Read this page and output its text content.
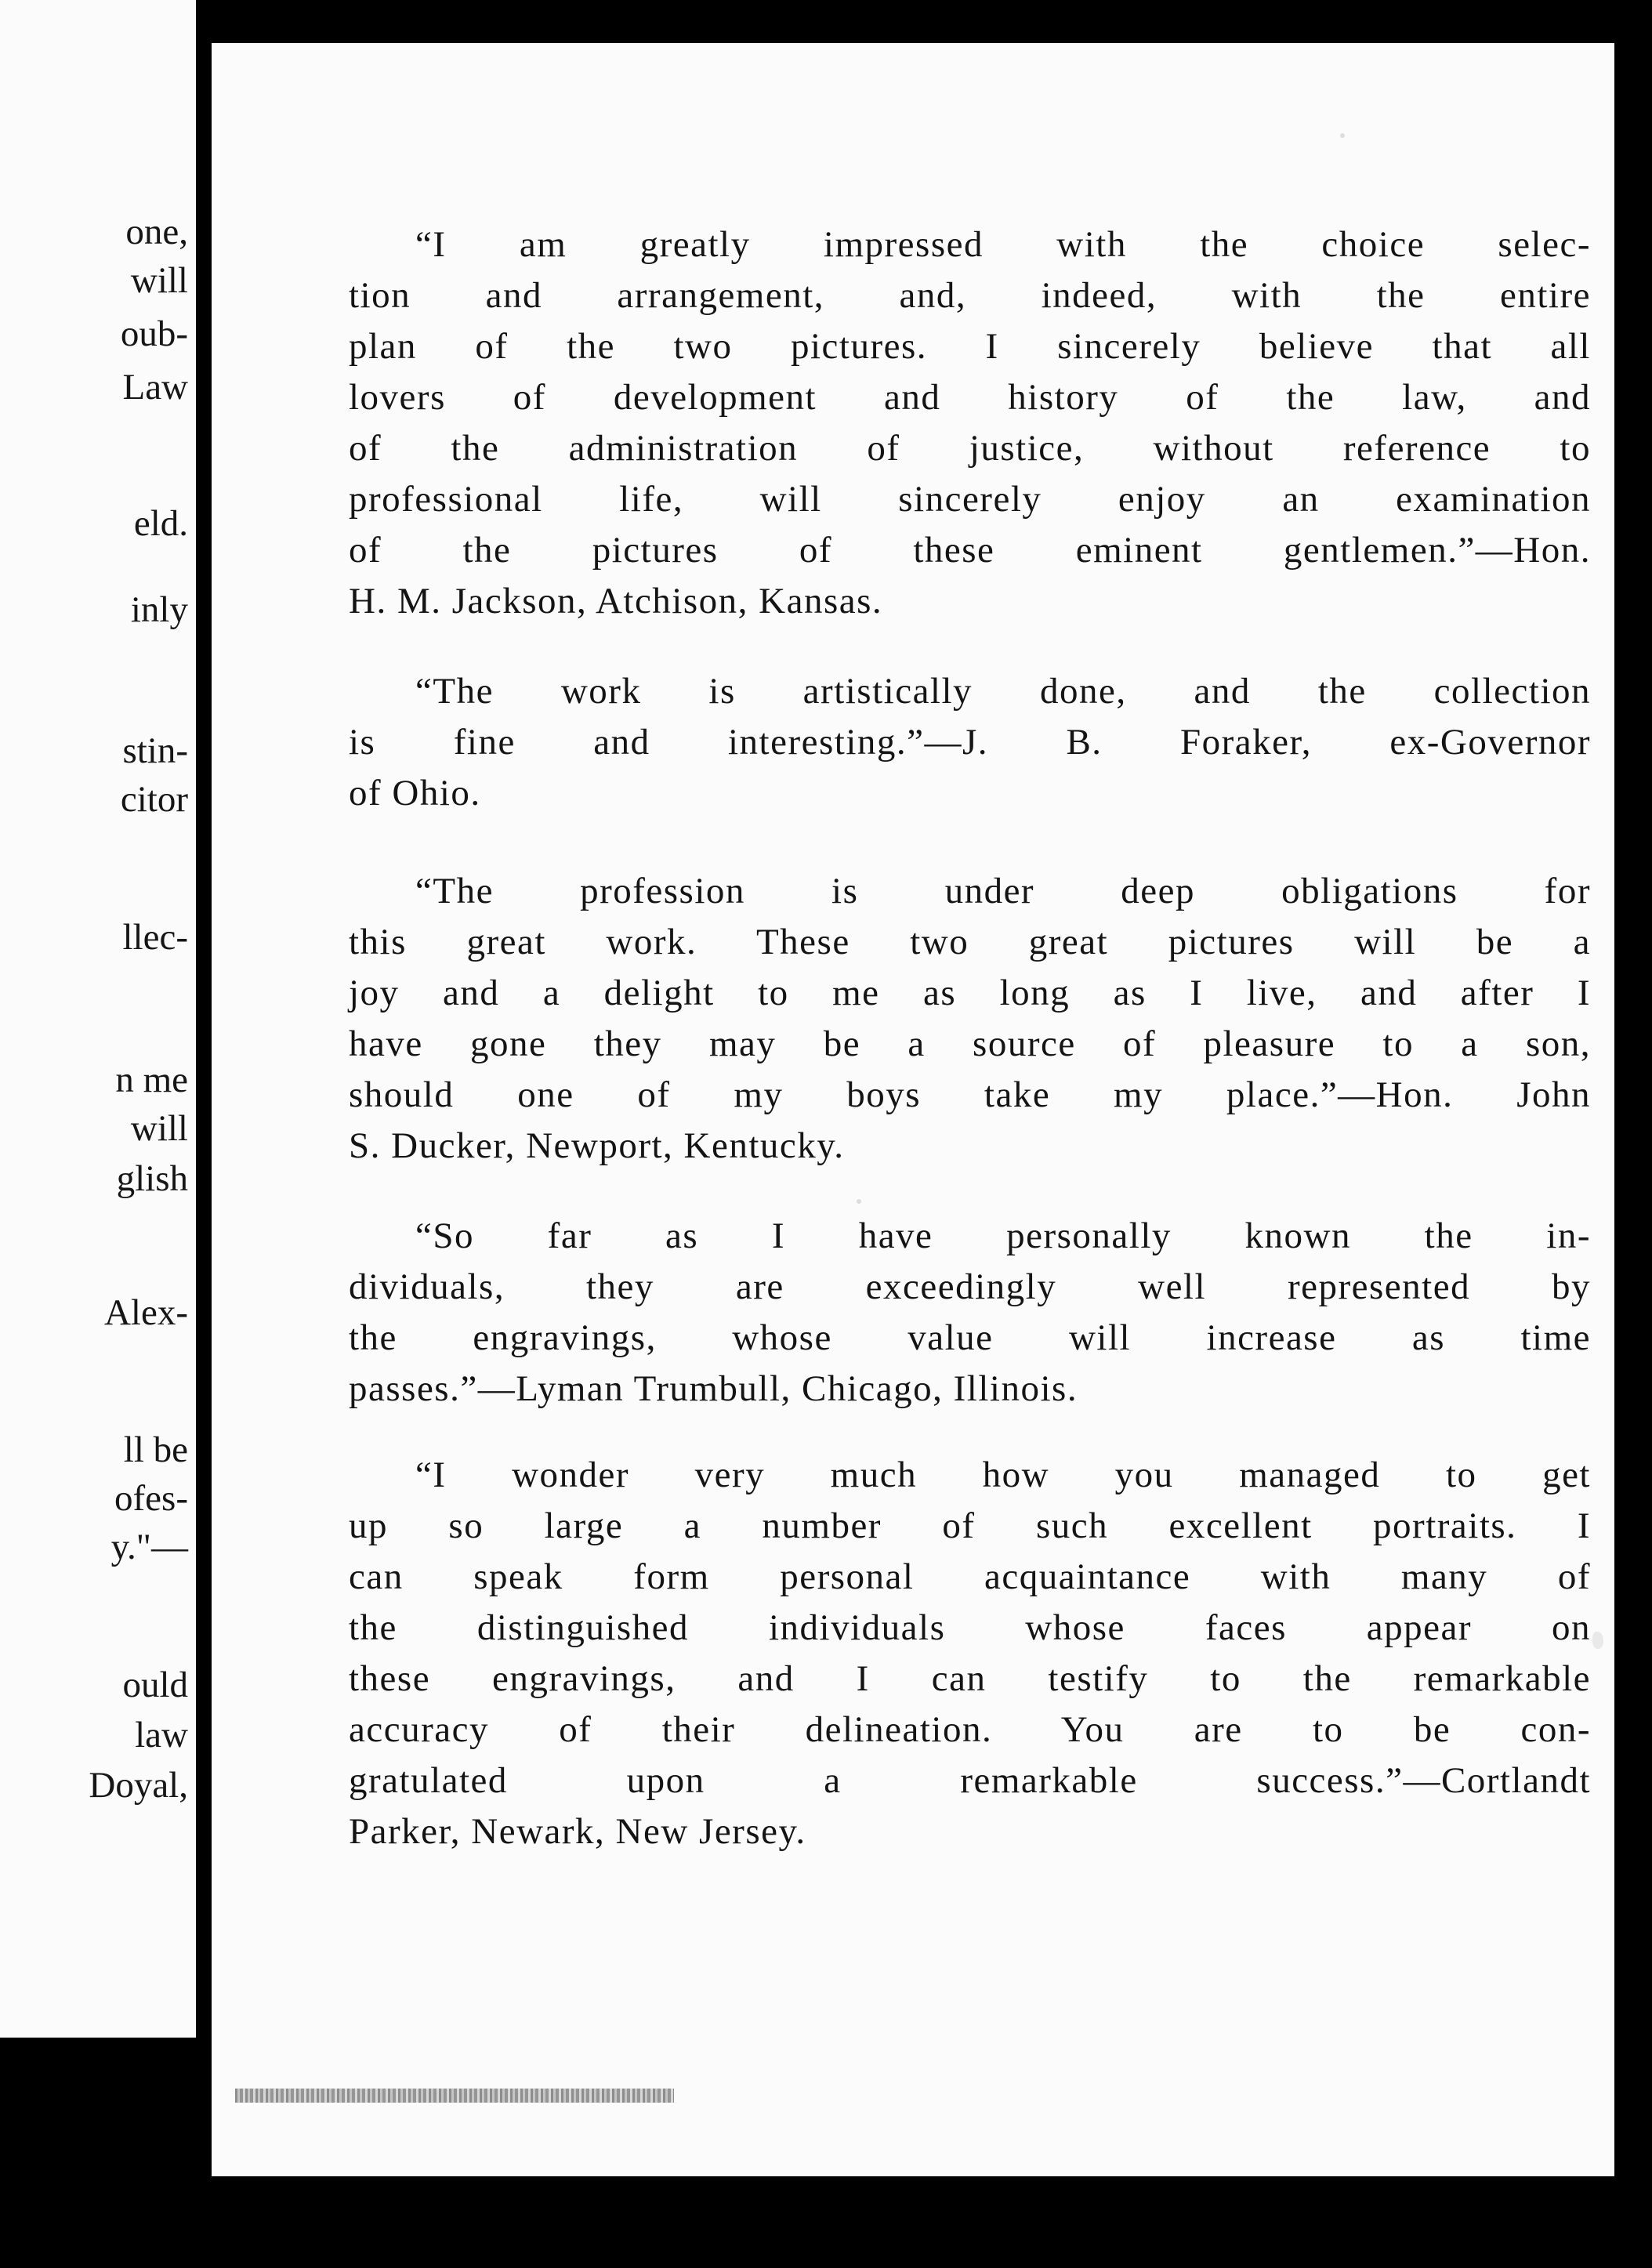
one,
will
oub-
Law
eld.
inly
stin-
citor
llec-
n me
will
glish
Alex-
ll be
ofes-
y."—
ould
law
Doyal,
“I am greatly impressed with the choice selec-
tion and arrangement, and, indeed, with the entire
plan of the two pictures. I sincerely believe that all
lovers of development and history of the law, and
of the administration of justice, without reference to
professional life, will sincerely enjoy an examination
of the pictures of these eminent gentlemen.”—Hon.
H. M. Jackson, Atchison, Kansas.
“The work is artistically done, and the collection
is fine and interesting.”—J. B. Foraker, ex-Governor
of Ohio.
“The profession is under deep obligations for
this great work. These two great pictures will be a
joy and a delight to me as long as I live, and after I
have gone they may be a source of pleasure to a son,
should one of my boys take my place.”—Hon. John
S. Ducker, Newport, Kentucky.
“So far as I have personally known the in-
dividuals, they are exceedingly well represented by
the engravings, whose value will increase as time
passes.”—Lyman Trumbull, Chicago, Illinois.
“I wonder very much how you managed to get
up so large a number of such excellent portraits. I
can speak form personal acquaintance with many of
the distinguished individuals whose faces appear on
these engravings, and I can testify to the remarkable
accuracy of their delineation. You are to be con-
gratulated upon a remarkable success.”—Cortlandt
Parker, Newark, New Jersey.
